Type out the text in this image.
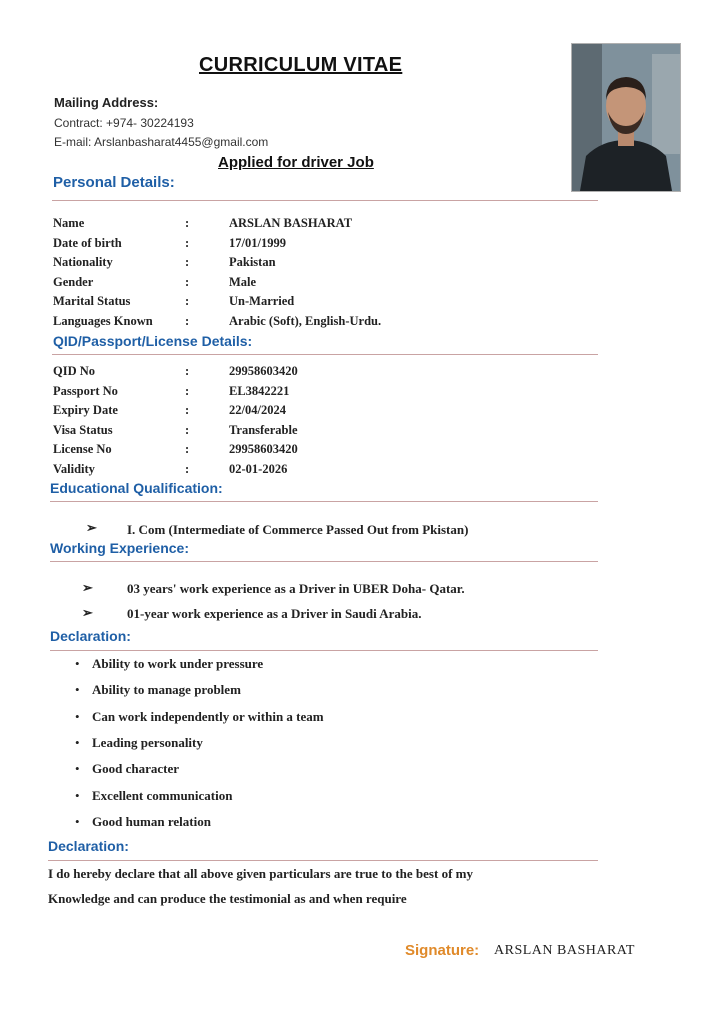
CURRICULUM VITAE
Mailing Address:
Contract: +974- 30224193
E-mail: Arslanbasharat4455@gmail.com
Applied for driver Job
Personal Details:
Name	:	ARSLAN BASHARAT
Date of birth	:	17/01/1999
Nationality	:	Pakistan
Gender	:	Male
Marital Status	:	Un-Married
Languages Known	:	Arabic (Soft), English-Urdu.
QID/Passport/License Details:
QID No	:	29958603420
Passport No	:	EL3842221
Expiry Date	:	22/04/2024
Visa Status	:	Transferable
License No	:	29958603420
Validity	:	02-01-2026
Educational Qualification:
➢ I. Com (Intermediate of Commerce Passed Out from Pkistan)
Working Experience:
➢	03 years' work experience as a Driver in UBER Doha- Qatar.
➢	01-year work experience as a Driver in Saudi Arabia.
Declaration:
• Ability to work under pressure
• Ability to manage problem
• Can work independently or within a team
• Leading personality
• Good character
• Excellent communication
• Good human relation
Declaration:
I do hereby declare that all above given particulars are true to the best of my
Knowledge and can produce the testimonial as and when require
Signature: ARSLAN BASHARAT
